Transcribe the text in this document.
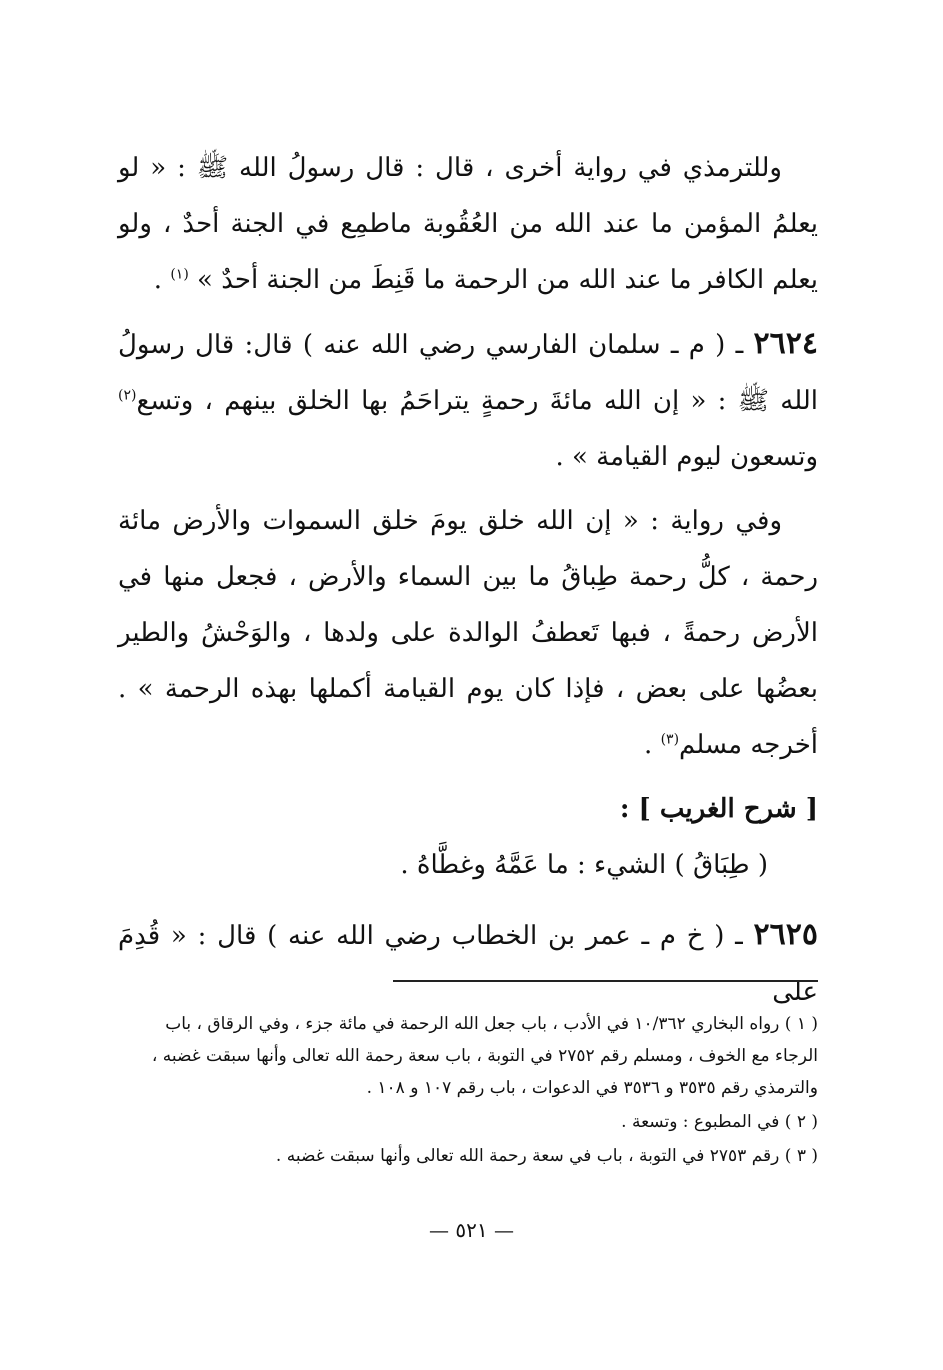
وللترمذي في رواية أخرى ، قال : قال رسولُ الله ﷺ : « لو يعلمُ المؤمن ما عند الله من العُقُوبة ماطمِع في الجنة أحدٌ ، ولو يعلم الكافر ما عند الله من الرحمة ما قَنِطَ من الجنة أحدٌ » $^{(١)}$ .

٢٦٢٤ ـ ( م ـ سلمان الفارسي رضي الله عنه ) قال: قال رسولُ الله ﷺ : « إن الله مائةَ رحمةٍ يتراحَمُ بها الخلق بينهم ، وتسع$^{(٢)}$ وتسعون ليوم القيامة » .

وفي رواية : « إن الله خلق يومَ خلق السموات والأرض مائة رحمة ، كلُّ رحمة طِباقُ ما بين السماء والأرض ، فجعل منها في الأرض رحمةً ، فبها تَعطفُ الوالدة على ولدها ، والوَحْشُ والطير بعضُها على بعض ، فإذا كان يوم القيامة أكملها بهذه الرحمة » . أخرجه مسلم$^{(٣)}$ .

[ شرح الغريب ] :

( طِبَاقُ ) الشيء : ما عَمَّهُ وغطَّاهُ .

٢٦٢٥ ـ ( خ م ـ عمر بن الخطاب رضي الله عنه ) قال : « قُدِمَ على

( ١ ) رواه البخاري ١٠/٣٦٢ في الأدب ، باب جعل الله الرحمة في مائة جزء ، وفي الرقاق ، باب الرجاء مع الخوف ، ومسلم رقم ٢٧٥٢ في التوبة ، باب سعة رحمة الله تعالى وأنها سبقت غضبه ، والترمذي رقم ٣٥٣٥ و ٣٥٣٦ في الدعوات ، باب رقم ١٠٧ و ١٠٨ .

( ٢ ) في المطبوع : وتسعة .

( ٣ ) رقم ٢٧٥٣ في التوبة ، باب في سعة رحمة الله تعالى وأنها سبقت غضبه .

— ٥٢١ —
